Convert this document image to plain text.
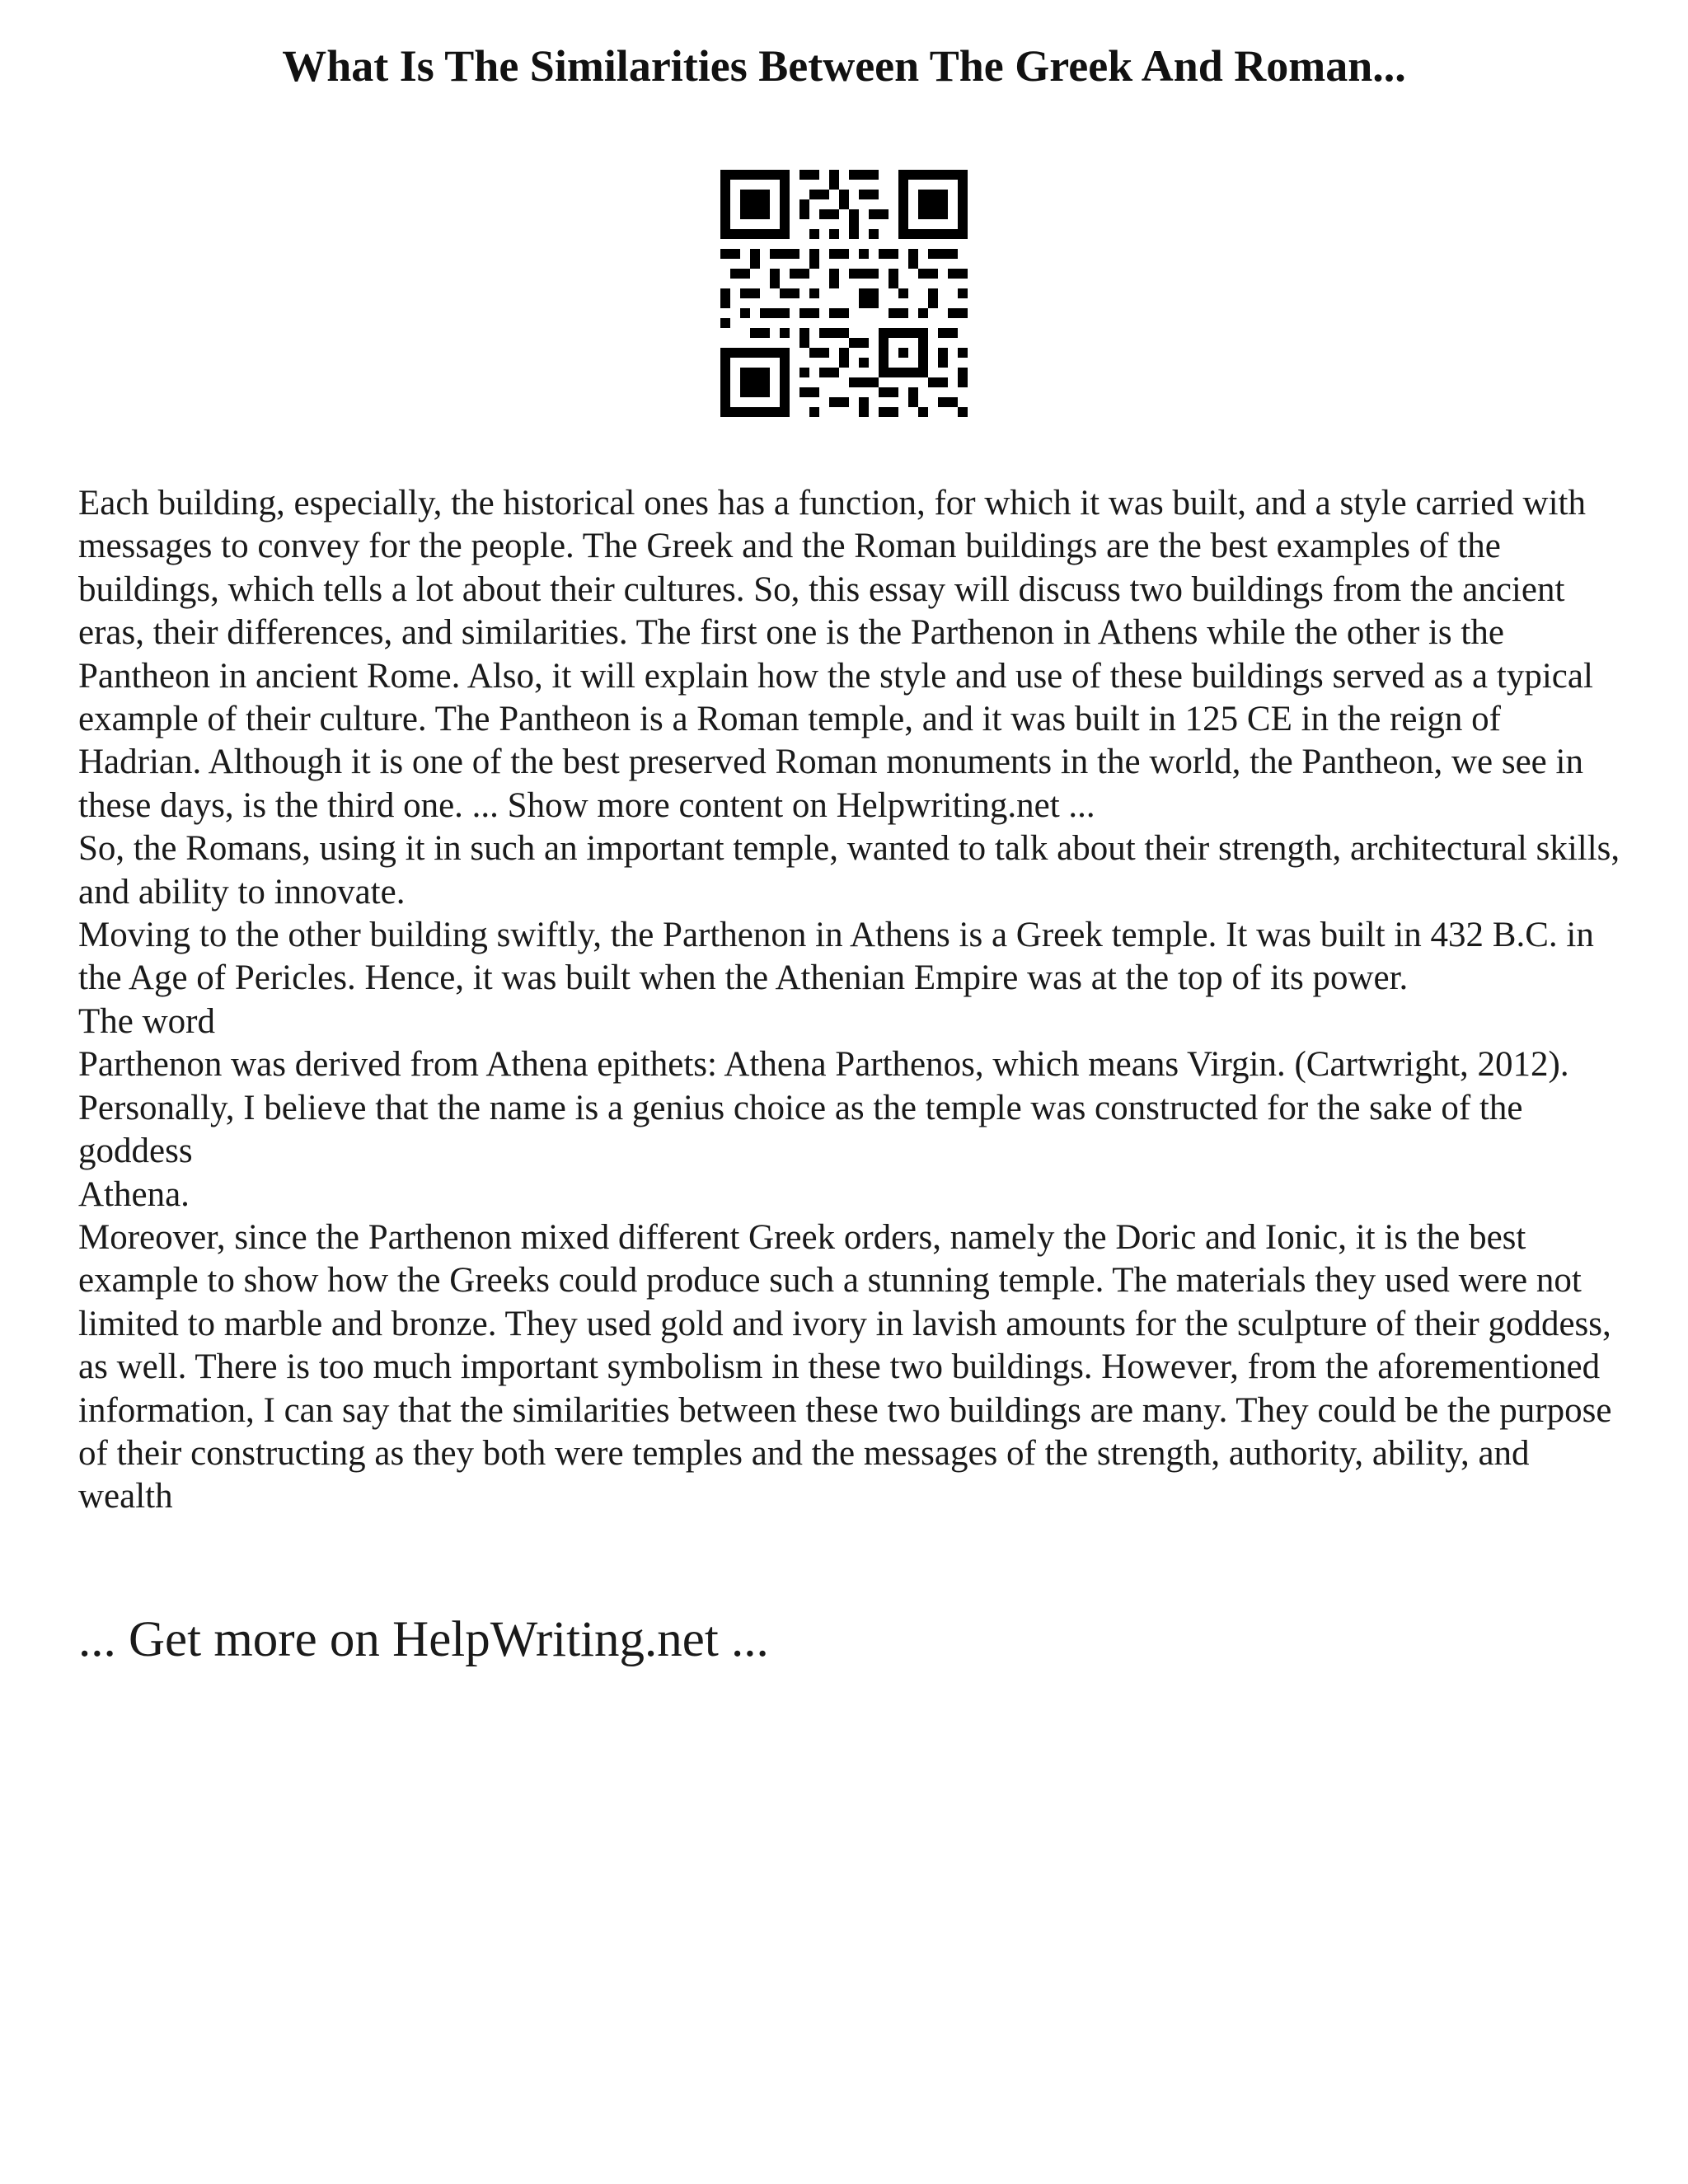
What Is The Similarities Between The Greek And Roman...

Each building, especially, the historical ones has a function, for which it was built, and a style carried with messages to convey for the people. The Greek and the Roman buildings are the best examples of the buildings, which tells a lot about their cultures. So, this essay will discuss two buildings from the ancient eras, their differences, and similarities. The first one is the Parthenon in Athens while the other is the Pantheon in ancient Rome. Also, it will explain how the style and use of these buildings served as a typical example of their culture. The Pantheon is a Roman temple, and it was built in 125 CE in the reign of Hadrian. Although it is one of the best preserved Roman monuments in the world, the Pantheon, we see in these days, is the third one. ... Show more content on Helpwriting.net ...

So, the Romans, using it in such an important temple, wanted to talk about their strength, architectural skills, and ability to innovate.

Moving to the other building swiftly, the Parthenon in Athens is a Greek temple. It was built in 432 B.C. in the Age of Pericles. Hence, it was built when the Athenian Empire was at the top of its power.
The word
Parthenon was derived from Athena epithets: Athena Parthenos, which means Virgin. (Cartwright, 2012).

Personally, I believe that the name is a genius choice as the temple was constructed for the sake of the goddess
Athena.

Moreover, since the Parthenon mixed different Greek orders, namely the Doric and Ionic, it is the best example to show how the Greeks could produce such a stunning temple. The materials they used were not limited to marble and bronze. They used gold and ivory in lavish amounts for the sculpture of their goddess, as well. There is too much important symbolism in these two buildings. However, from the aforementioned information, I can say that the similarities between these two buildings are many. They could be the purpose of their constructing as they both were temples and the messages of the strength, authority, ability, and wealth

... Get more on HelpWriting.net ...
